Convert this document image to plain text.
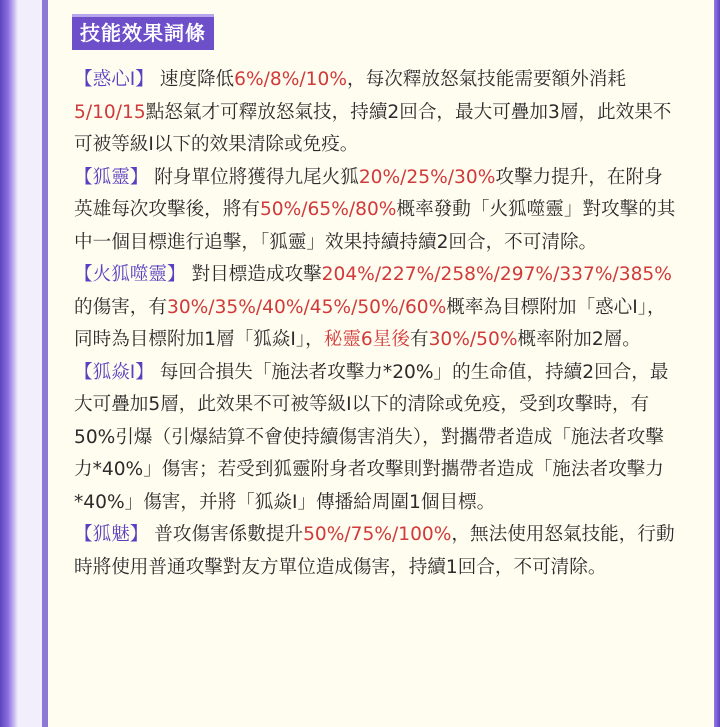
技能效果詞條

【惑心Ⅰ】 速度降低6%/8%/10%，每次釋放怒氣技能需要額外消耗5/10/15點怒氣才可釋放怒氣技，持續2回合，最大可疊加3層，此效果不可被等級Ⅰ以下的效果清除或免疫。

【狐靈】 附身單位將獲得九尾火狐20%/25%/30%攻擊力提升，在附身英雄每次攻擊後，將有50%/65%/80%概率發動「火狐噬靈」對攻擊的其中一個目標進行追擊，「狐靈」效果持續持續2回合，不可清除。

【火狐噬靈】 對目標造成攻擊204%/227%/258%/297%/337%/385%的傷害，有30%/35%/40%/45%/50%/60%概率為目標附加「惑心Ⅰ」，同時為目標附加1層「狐焱Ⅰ」，秘靈6星後有30%/50%概率附加2層。

【狐焱Ⅰ】 每回合損失「施法者攻擊力*20%」的生命值，持續2回合，最大可疊加5層，此效果不可被等級Ⅰ以下的清除或免疫，受到攻擊時，有50%引爆（引爆結算不會使持續傷害消失），對攜帶者造成「施法者攻擊力*40%」傷害；若受到狐靈附身者攻擊則對攜帶者造成「施法者攻擊力*40%」傷害，并將「狐焱Ⅰ」傳播給周圍1個目標。

【狐魅】 普攻傷害係數提升50%/75%/100%，無法使用怒氣技能，行動時將使用普通攻擊對友方單位造成傷害，持續1回合，不可清除。
